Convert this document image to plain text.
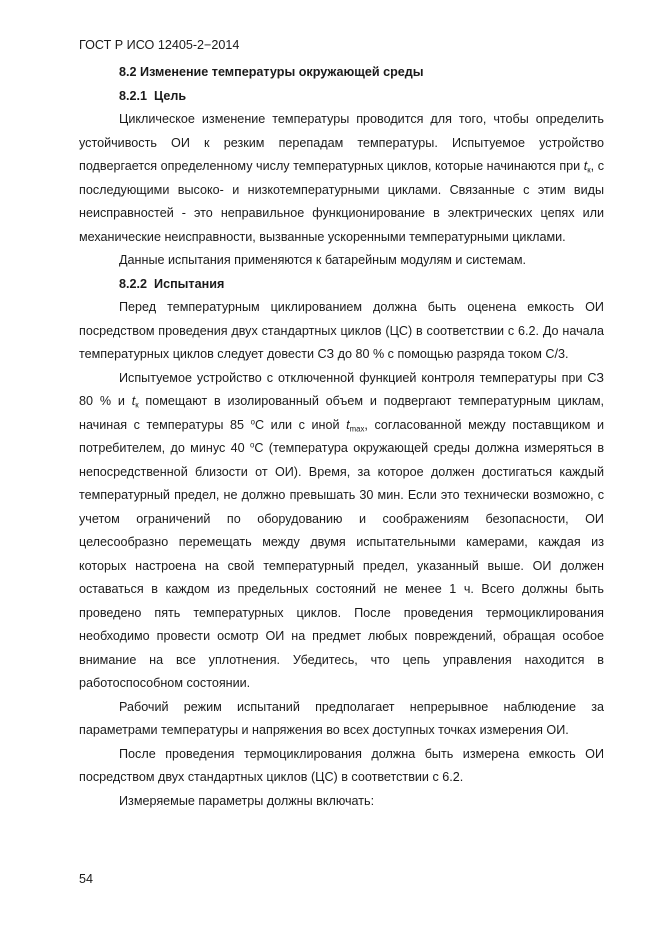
ГОСТ Р ИСО 12405-2−2014

8.2 Изменение температуры окружающей среды

8.2.1 Цель

Циклическое изменение температуры проводится для того, чтобы определить устойчивость ОИ к резким перепадам температуры. Испытуемое устройство подвергается определенному числу температурных циклов, которые начинаются при $t_к$, с последующими высоко- и низкотемпературными циклами. Связанные с этим виды неисправностей - это неправильное функционирование в электрических цепях или механические неисправности, вызванные ускоренными температурными циклами.

Данные испытания применяются к батарейным модулям и системам.

8.2.2 Испытания

Перед температурным циклированием должна быть оценена емкость ОИ посредством проведения двух стандартных циклов (ЦС) в соответствии с 6.2. До начала температурных циклов следует довести СЗ до 80 % с помощью разряда током С/3.

Испытуемое устройство с отключенной функцией контроля температуры при СЗ 80 % и $t_к$ помещают в изолированный объем и подвергают температурным циклам, начиная с температуры 85 $^о$С или с иной $t_{max}$, согласованной между поставщиком и потребителем, до минус 40 $^о$С (температура окружающей среды должна измеряться в непосредственной близости от ОИ). Время, за которое должен достигаться каждый температурный предел, не должно превышать 30 мин. Если это технически возможно, с учетом ограничений по оборудованию и соображениям безопасности, ОИ целесообразно перемещать между двумя испытательными камерами, каждая из которых настроена на свой температурный предел, указанный выше. ОИ должен оставаться в каждом из предельных состояний не менее 1 ч. Всего должны быть проведено пять температурных циклов. После проведения термоциклирования необходимо провести осмотр ОИ на предмет любых повреждений, обращая особое внимание на все уплотнения. Убедитесь, что цепь управления находится в работоспособном состоянии.

Рабочий режим испытаний предполагает непрерывное наблюдение за параметрами температуры и напряжения во всех доступных точках измерения ОИ.

После проведения термоциклирования должна быть измерена емкость ОИ посредством двух стандартных циклов (ЦС) в соответствии с 6.2.

Измеряемые параметры должны включать:

54
